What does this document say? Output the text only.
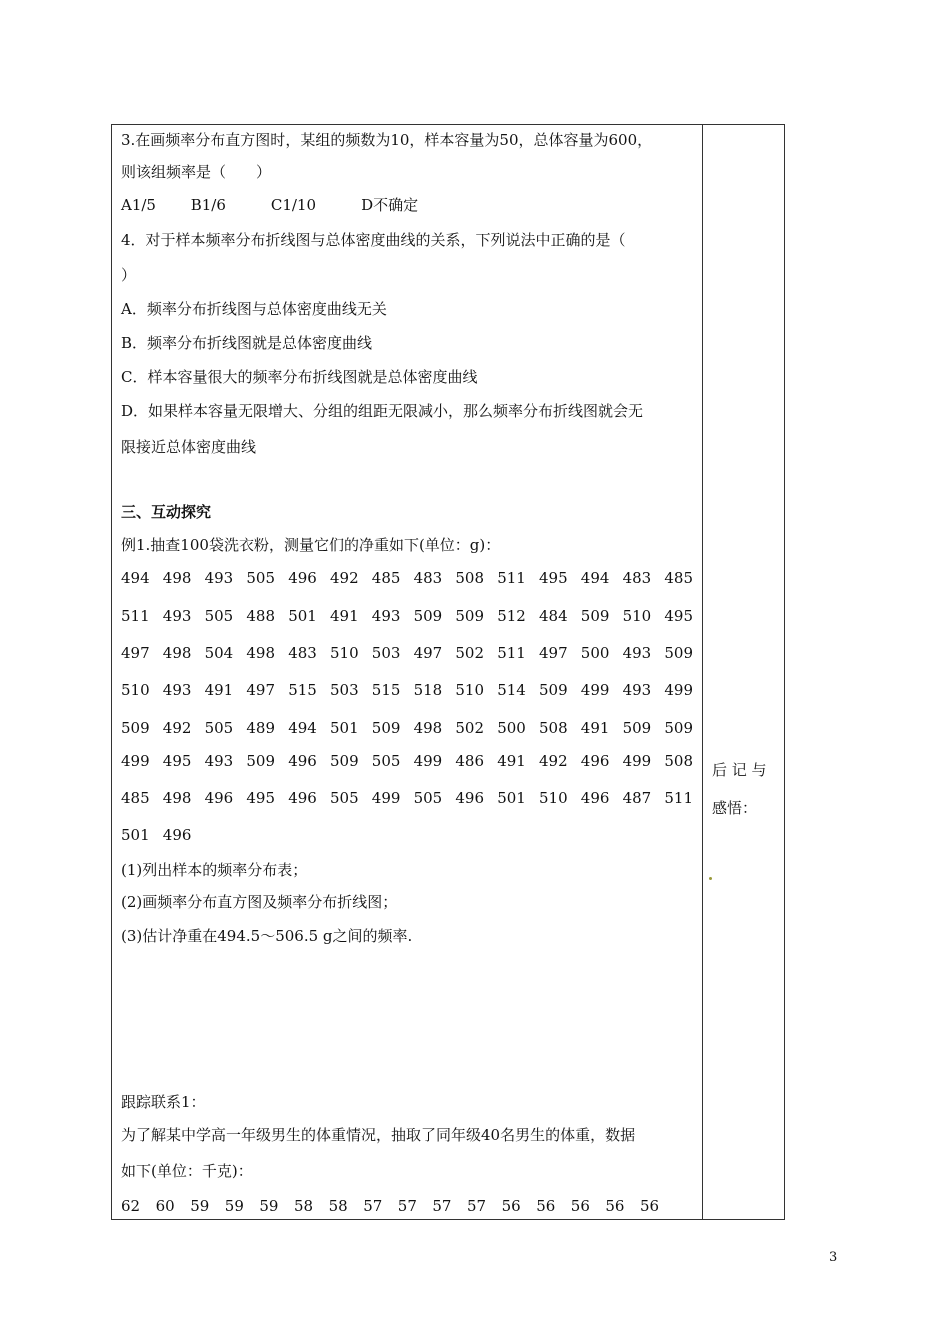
3.在画频率分布直方图时，某组的频数为10，样本容量为50，总体容量为600，
则该组频率是（　　）
A1/5　　 B1/6　　　C1/10　　　D不确定
4．对于样本频率分布折线图与总体密度曲线的关系，下列说法中正确的是（
）
A．频率分布折线图与总体密度曲线无关
B．频率分布折线图就是总体密度曲线
C．样本容量很大的频率分布折线图就是总体密度曲线
D．如果样本容量无限增大、分组的组距无限减小，那么频率分布折线图就会无
限接近总体密度曲线
三、互动探究
例1.抽查100袋洗衣粉，测量它们的净重如下(单位：g)：
494 498 493 505 496 492 485 483 508 511 495 494 483 485
511 493 505 488 501 491 493 509 509 512 484 509 510 495
497 498 504 498 483 510 503 497 502 511 497 500 493 509
510 493 491 497 515 503 515 518 510 514 509 499 493 499
509 492 505 489 494 501 509 498 502 500 508 491 509 509
499 495 493 509 496 509 505 499 486 491 492 496 499 508
485 498 496 495 496 505 499 505 496 501 510 496 487 511
501 496
(1)列出样本的频率分布表；
(2)画频率分布直方图及频率分布折线图；
(3)估计净重在494.5～506.5 g之间的频率.
跟踪联系1：
为了解某中学高一年级男生的体重情况，抽取了同年级40名男生的体重，数据
如下(单位：千克)：
62 60 59 59 59 58 58 57 57 57 57 56 56 56 56 56
后 记 与
感悟：
3
